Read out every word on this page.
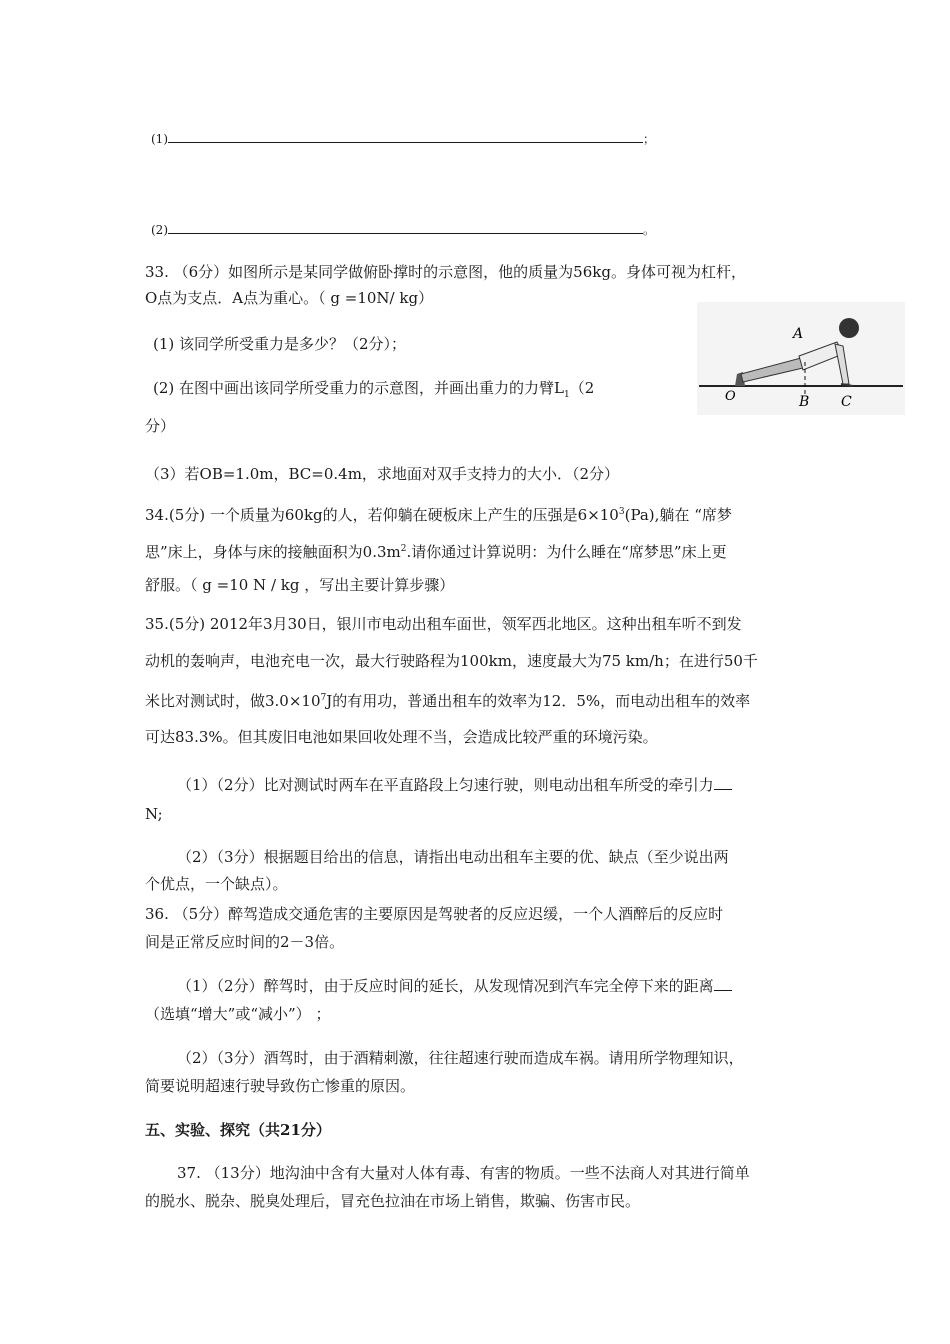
(1)	；
(2)	。
33. （6分）如图所示是某同学做俯卧撑时的示意图，他的质量为56kg。身体可视为杠杆，
O点为支点．A点为重心。（ g =10N/ kg）
(1) 该同学所受重力是多少？（2分）；
(2) 在图中画出该同学所受重力的示意图，并画出重力的力臂$L_1(2$
分）
（3）若OB=1.0m，BC=0.4m，求地面对双手支持力的大小．（2分）
A
O	B C
34.(5分) 一个质量为60kg的人，若仰躺在硬板床上产生的压强是$6\times 10^3(Pa)$,躺在 “席梦
思”床上，身体与床的接触面积为$0.3m^2$.请你通过计算说明：为什么睡在“席梦思”床上更
舒服。（ g =10 N / kg ，写出主要计算步骤）
35.(5分) 2012年3月30日，银川市电动出租车面世，领军西北地区。这种出租车听不到发
动机的轰响声，电池充电一次，最大行驶路程为100km，速度最大为75 km/h；在进行50千
米比对测试时，做$3.0\times 10^7J$的有用功，普通出租车的效率为12．5%，而电动出租车的效率
可达83.3%。但其废旧电池如果回收处理不当，会造成比较严重的环境污染。
（1）（2分）比对测试时两车在平直路段上匀速行驶，则电动出租车所受的牵引力
N;
（2）（3分）根据题目给出的信息，请指出电动出租车主要的优、缺点（至少说出两
个优点，一个缺点）。
36. （5分）醉驾造成交通危害的主要原因是驾驶者的反应迟缓，一个人酒醉后的反应时
间是正常反应时间的2－3倍。
（1）（2分）醉驾时，由于反应时间的延长，从发现情况到汽车完全停下来的距离
（选填“增大”或“减小”） ；
（2）（3分）酒驾时，由于酒精刺激，往往超速行驶而造成车祸。请用所学物理知识，
简要说明超速行驶导致伤亡惨重的原因。
五、实验、探究（共21分）
37. （13分）地沟油中含有大量对人体有毒、有害的物质。一些不法商人对其进行简单
的脱水、脱杂、脱臭处理后，冒充色拉油在市场上销售，欺骗、伤害市民。
